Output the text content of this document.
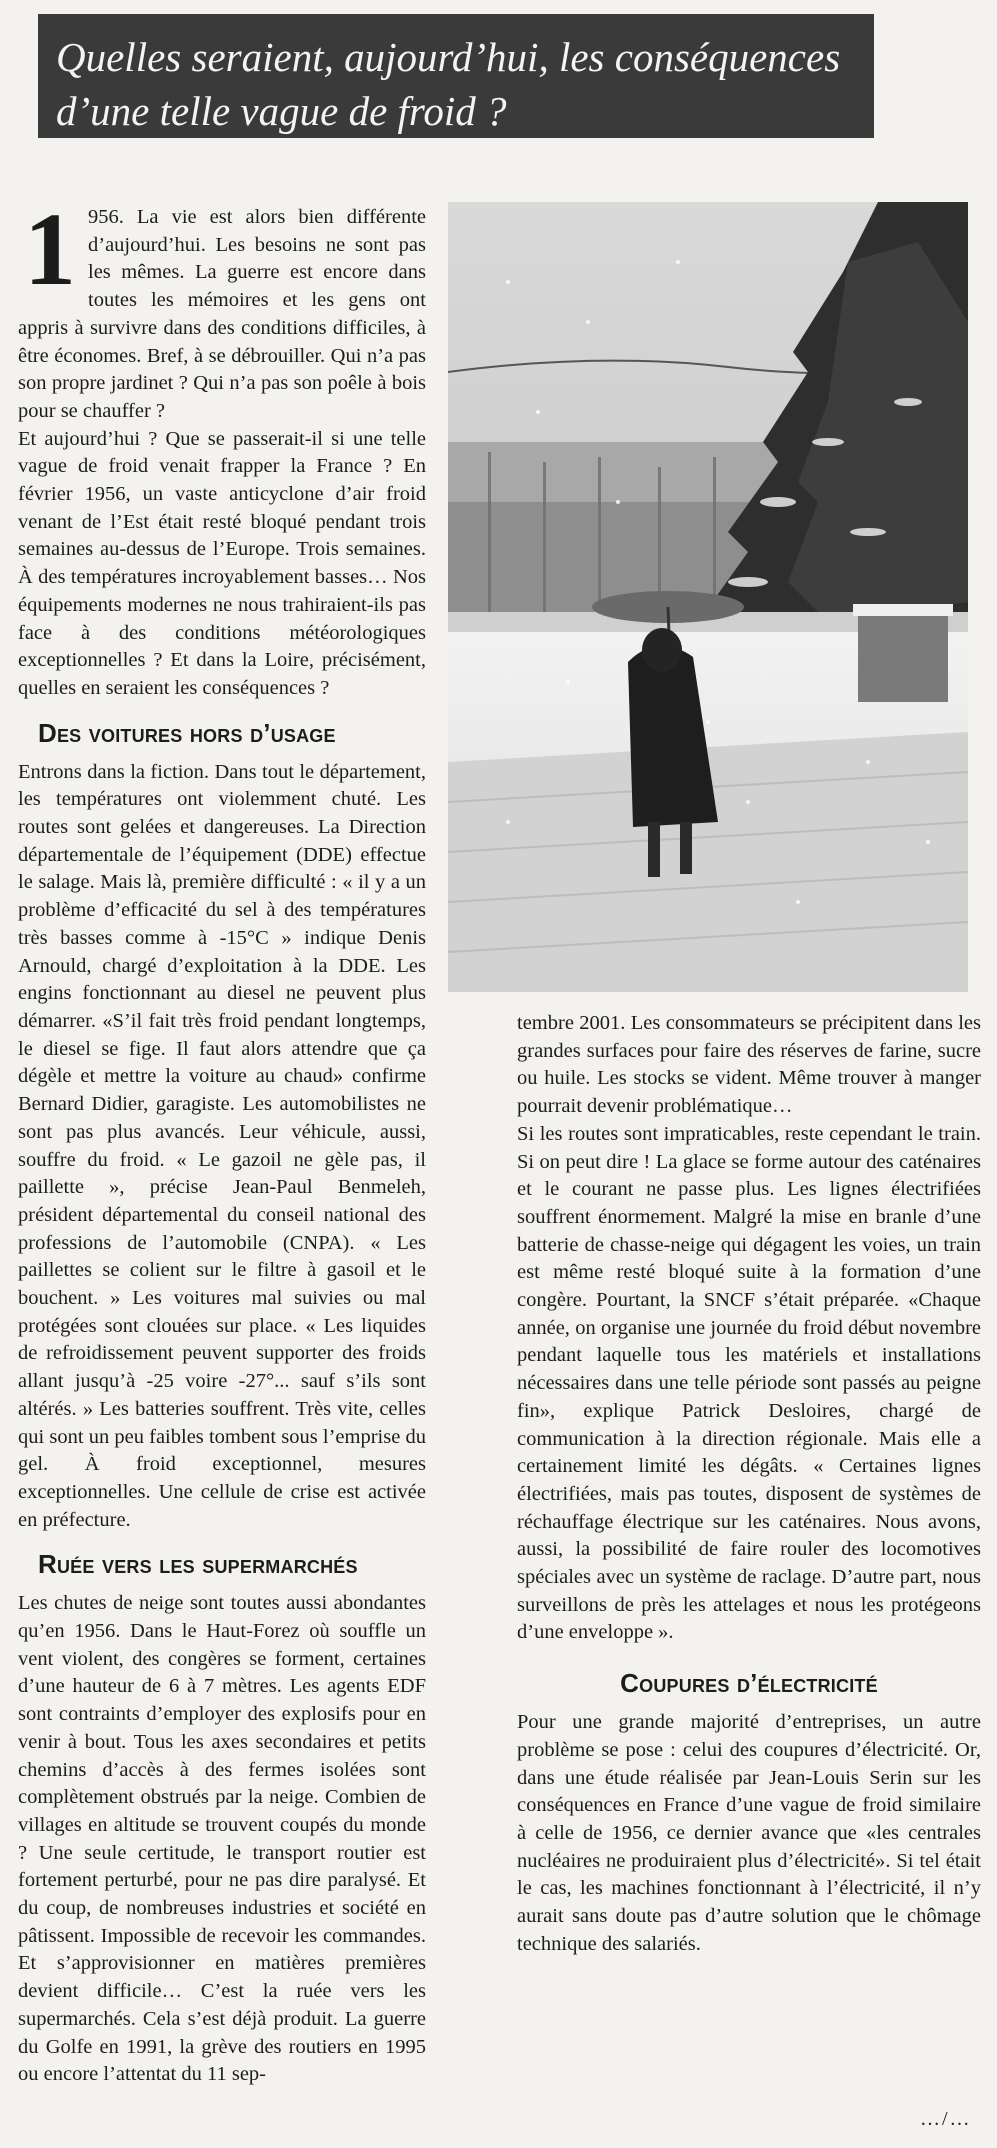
Quelles seraient, aujourd’hui, les conséquences d’une telle vague de froid ?

1956. La vie est alors bien différente d’aujourd’hui. Les besoins ne sont pas les mêmes. La guerre est encore dans toutes les mémoires et les gens ont appris à survivre dans des conditions difficiles, à être économes. Bref, à se débrouiller. Qui n’a pas son propre jardinet ? Qui n’a pas son poêle à bois pour se chauffer ?

Et aujourd’hui ? Que se passerait-il si une telle vague de froid venait frapper la France ? En février 1956, un vaste anticyclone d’air froid venant de l’Est était resté bloqué pendant trois semaines au-dessus de l’Europe. Trois semaines. À des températures incroyablement basses… Nos équipements modernes ne nous trahiraient-ils pas face à des conditions météorologiques exceptionnelles ? Et dans la Loire, précisément, quelles en seraient les conséquences ?

Des voitures hors d’usage

Entrons dans la fiction. Dans tout le département, les températures ont violemment chuté. Les routes sont gelées et dangereuses. La Direction départementale de l’équipement (DDE) effectue le salage. Mais là, première difficulté : « il y a un problème d’efficacité du sel à des températures très basses comme à -15°C » indique Denis Arnould, chargé d’exploitation à la DDE. Les engins fonctionnant au diesel ne peuvent plus démarrer. «S’il fait très froid pendant longtemps, le diesel se fige. Il faut alors attendre que ça dégèle et mettre la voiture au chaud» confirme Bernard Didier, garagiste. Les automobilistes ne sont pas plus avancés. Leur véhicule, aussi, souffre du froid. « Le gazoil ne gèle pas, il paillette », précise Jean-Paul Benmeleh, président départemental du conseil national des professions de l’automobile (CNPA). « Les paillettes se colient sur le filtre à gasoil et le bouchent. » Les voitures mal suivies ou mal protégées sont clouées sur place. « Les liquides de refroidissement peuvent supporter des froids allant jusqu’à -25 voire -27°... sauf s’ils sont altérés. » Les batteries souffrent. Très vite, celles qui sont un peu faibles tombent sous l’emprise du gel. À froid exceptionnel, mesures exceptionnelles. Une cellule de crise est activée en préfecture.

Ruée vers les supermarchés

Les chutes de neige sont toutes aussi abondantes qu’en 1956. Dans le Haut-Forez où souffle un vent violent, des congères se forment, certaines d’une hauteur de 6 à 7 mètres. Les agents EDF sont contraints d’employer des explosifs pour en venir à bout. Tous les axes secondaires et petits chemins d’accès à des fermes isolées sont complètement obstrués par la neige. Combien de villages en altitude se trouvent coupés du monde ? Une seule certitude, le transport routier est fortement perturbé, pour ne pas dire paralysé. Et du coup, de nombreuses industries et société en pâtissent. Impossible de recevoir les commandes. Et s’approvisionner en matières premières devient difficile… C’est la ruée vers les supermarchés. Cela s’est déjà produit. La guerre du Golfe en 1991, la grève des routiers en 1995 ou encore l’attentat du 11 sep-

tembre 2001. Les consommateurs se précipitent dans les grandes surfaces pour faire des réserves de farine, sucre ou huile. Les stocks se vident. Même trouver à manger pourrait devenir problématique…

Si les routes sont impraticables, reste cependant le train. Si on peut dire ! La glace se forme autour des caténaires et le courant ne passe plus. Les lignes électrifiées souffrent énormement. Malgré la mise en branle d’une batterie de chasse-neige qui dégagent les voies, un train est même resté bloqué suite à la formation d’une congère. Pourtant, la SNCF s’était préparée. «Chaque année, on organise une journée du froid début novembre pendant laquelle tous les matériels et installations nécessaires dans une telle période sont passés au peigne fin», explique Patrick Desloires, chargé de communication à la direction régionale. Mais elle a certainement limité les dégâts. « Certaines lignes électrifiées, mais pas toutes, disposent de systèmes de réchauffage électrique sur les caténaires. Nous avons, aussi, la possibilité de faire rouler des locomotives spéciales avec un système de raclage. D’autre part, nous surveillons de près les attelages et nous les protégeons d’une enveloppe ».

Coupures d’électricité

Pour une grande majorité d’entreprises, un autre problème se pose : celui des coupures d’électricité. Or, dans une étude réalisée par Jean-Louis Serin sur les conséquences en France d’une vague de froid similaire à celle de 1956, ce dernier avance que «les centrales nucléaires ne produiraient plus d’électricité». Si tel était le cas, les machines fonctionnant à l’électricité, il n’y aurait sans doute pas d’autre solution que le chômage technique des salariés.

…/…
